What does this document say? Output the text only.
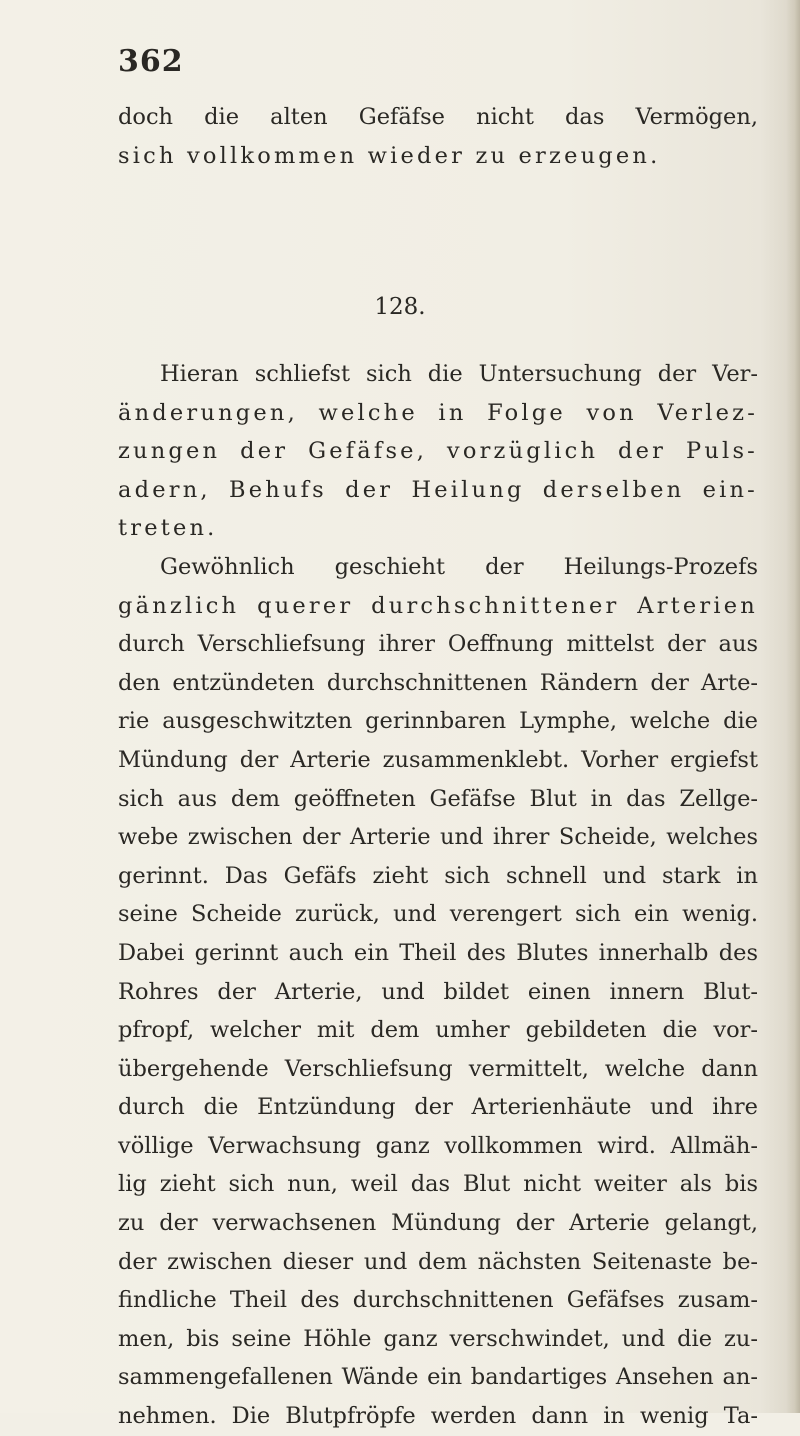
362
doch die alten Gefäfse nicht das Vermögen,
sich vollkommen wieder zu erzeugen.
128.
Hieran schliefst sich die Untersuchung der Ver-
änderungen, welche in Folge von Verlez-
zungen der Gefäfse, vorzüglich der Puls-
adern, Behufs der Heilung derselben ein-
treten.
Gewöhnlich geschieht der Heilungs-Prozefs
gänzlich querer durchschnittener Arterien
durch Verschliefsung ihrer Oeffnung mittelst der aus
den entzündeten durchschnittenen Rändern der Arte-
rie ausgeschwitzten gerinnbaren Lymphe, welche die
Mündung der Arterie zusammenklebt. Vorher ergiefst
sich aus dem geöffneten Gefäfse Blut in das Zellge-
webe zwischen der Arterie und ihrer Scheide, welches
gerinnt. Das Gefäfs zieht sich schnell und stark in
seine Scheide zurück, und verengert sich ein wenig.
Dabei gerinnt auch ein Theil des Blutes innerhalb des
Rohres der Arterie, und bildet einen innern Blut-
pfropf, welcher mit dem umher gebildeten die vor-
übergehende Verschliefsung vermittelt, welche dann
durch die Entzündung der Arterienhäute und ihre
völlige Verwachsung ganz vollkommen wird. Allmäh-
lig zieht sich nun, weil das Blut nicht weiter als bis
zu der verwachsenen Mündung der Arterie gelangt,
der zwischen dieser und dem nächsten Seitenaste be-
findliche Theil des durchschnittenen Gefäfses zusam-
men, bis seine Höhle ganz verschwindet, und die zu-
sammengefallenen Wände ein bandartiges Ansehen an-
nehmen. Die Blutpfröpfe werden dann in wenig Ta-
